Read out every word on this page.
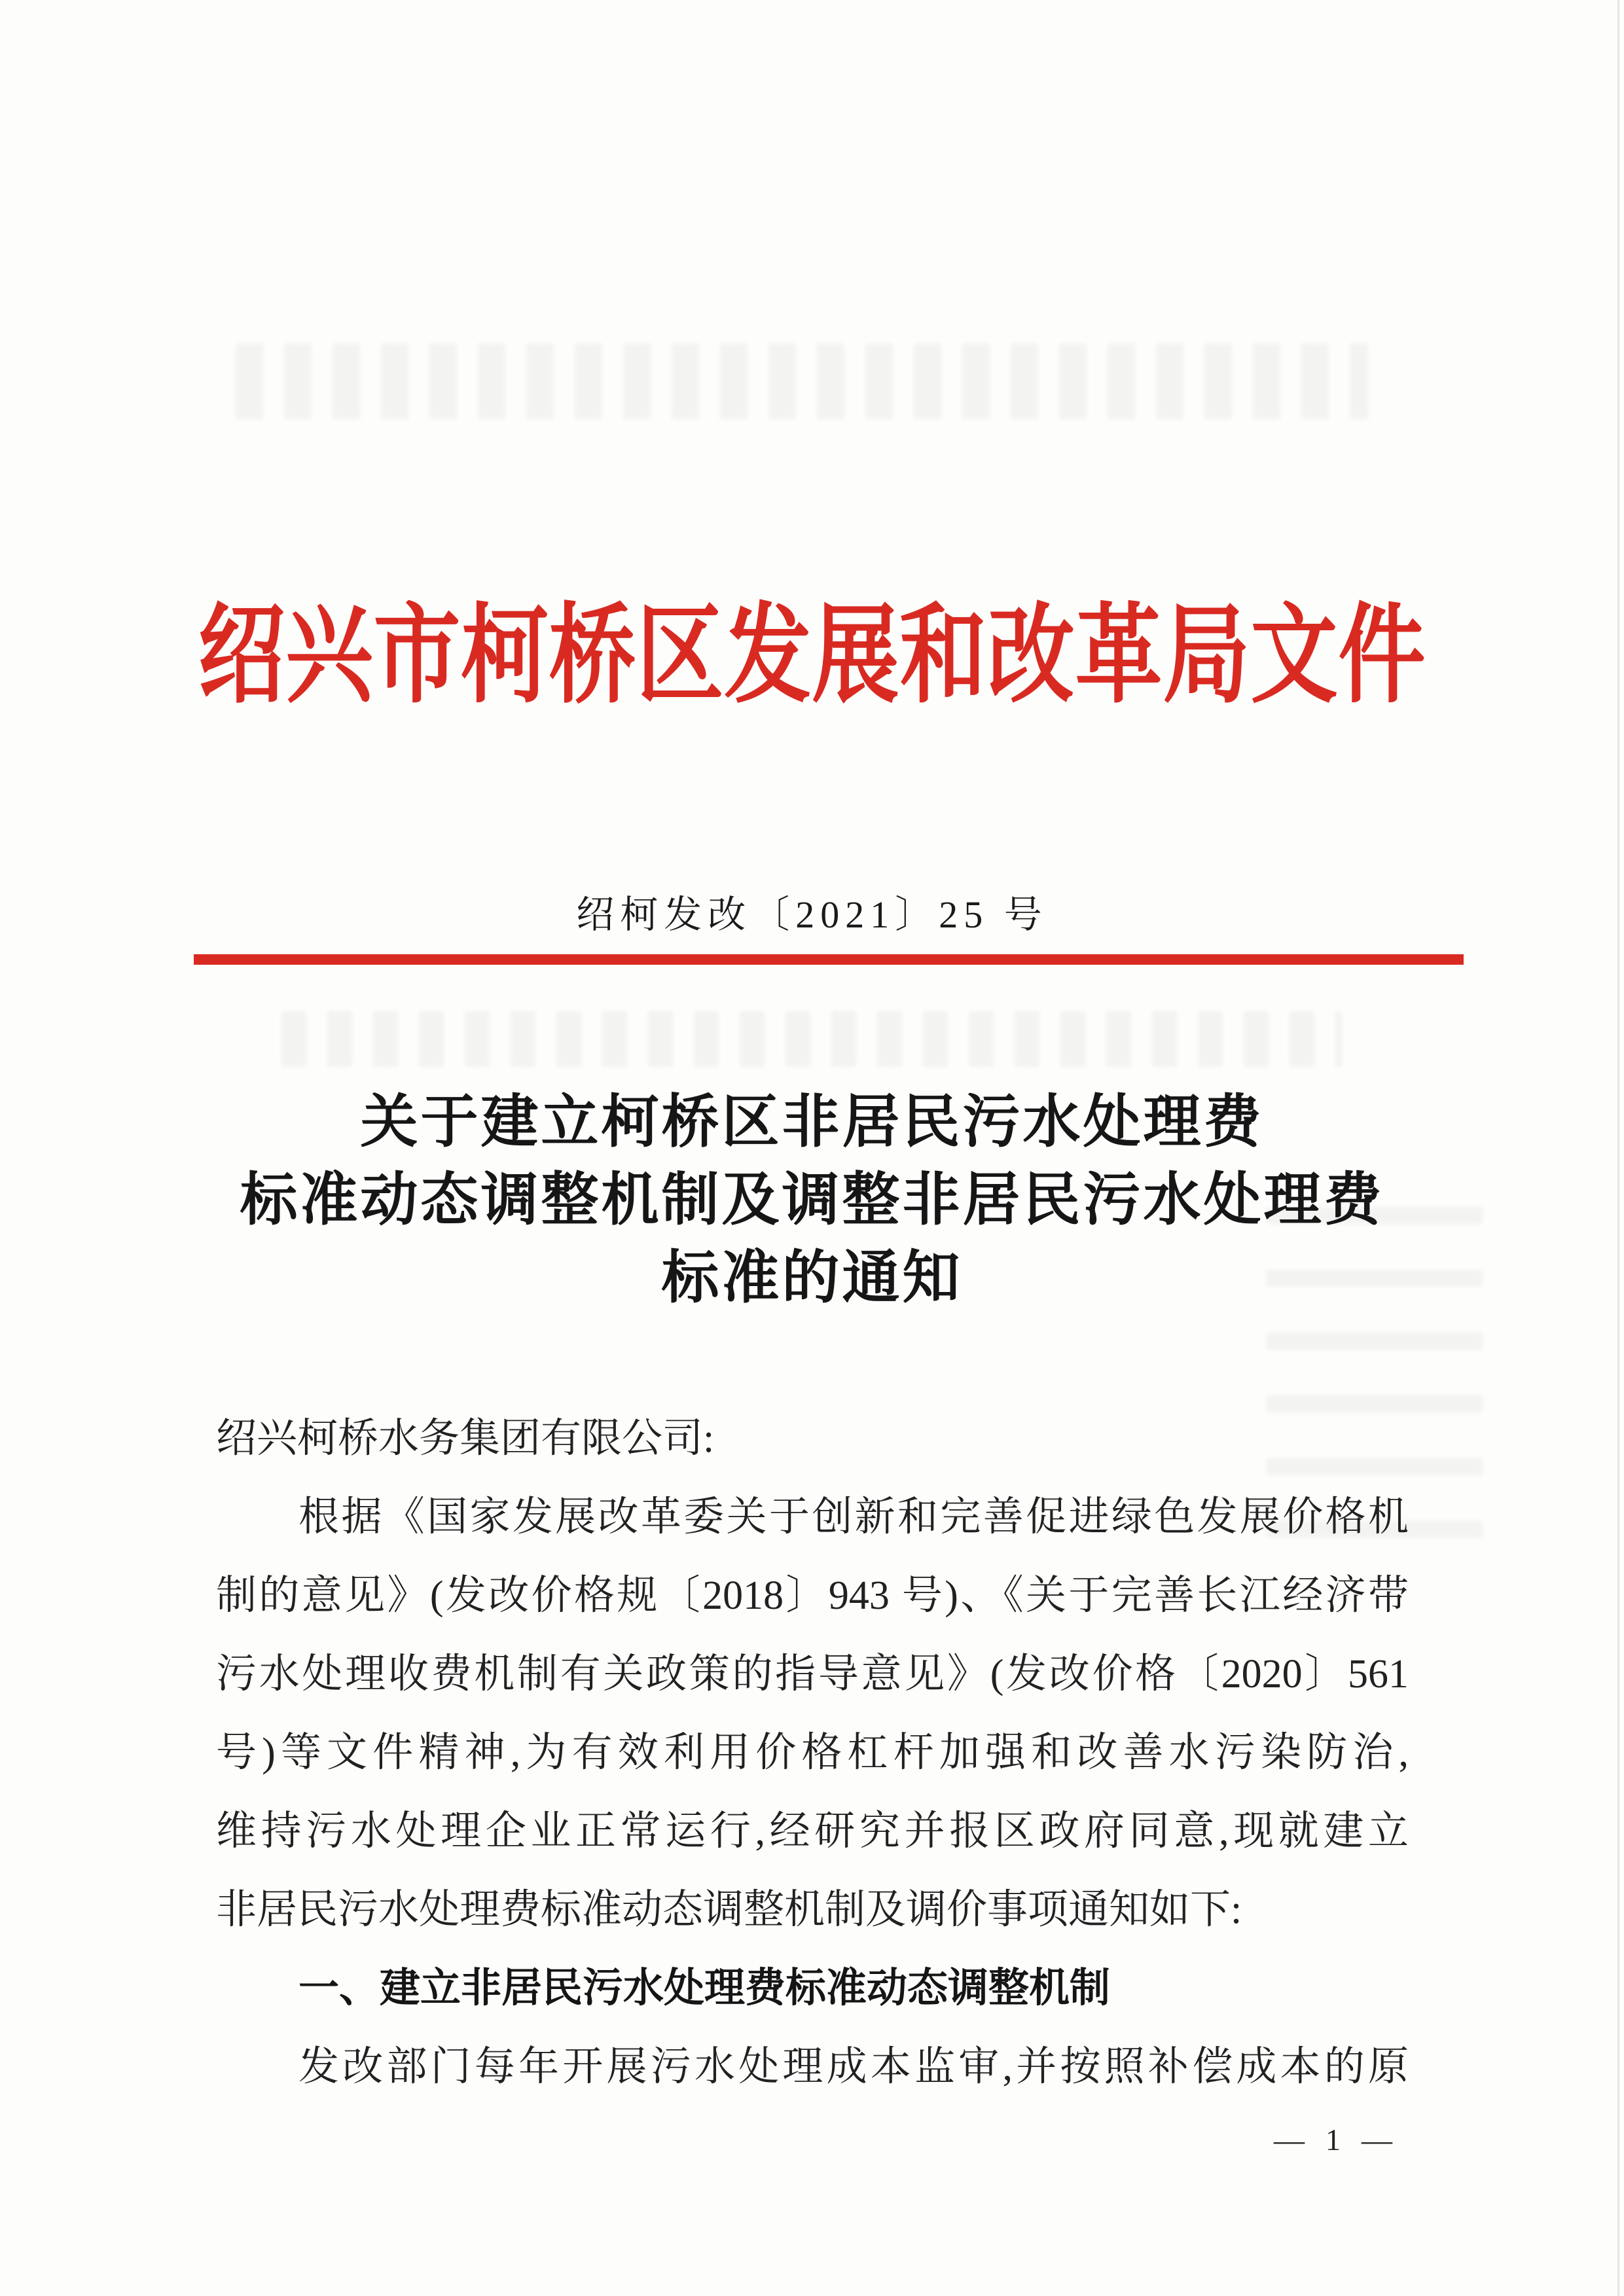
绍兴市柯桥区发展和改革局文件
绍柯发改〔2021〕25 号
关于建立柯桥区非居民污水处理费
标准动态调整机制及调整非居民污水处理费
标准的通知
绍兴柯桥水务集团有限公司:
根据《国家发展改革委关于创新和完善促进绿色发展价格机
制的意见》(发改价格规〔2018〕943 号)、《关于完善长江经济带
污水处理收费机制有关政策的指导意见》(发改价格〔2020〕561
号)等文件精神,为有效利用价格杠杆加强和改善水污染防治,
维持污水处理企业正常运行,经研究并报区政府同意,现就建立
非居民污水处理费标准动态调整机制及调价事项通知如下:
一、建立非居民污水处理费标准动态调整机制
发改部门每年开展污水处理成本监审,并按照补偿成本的原
— 1 —
